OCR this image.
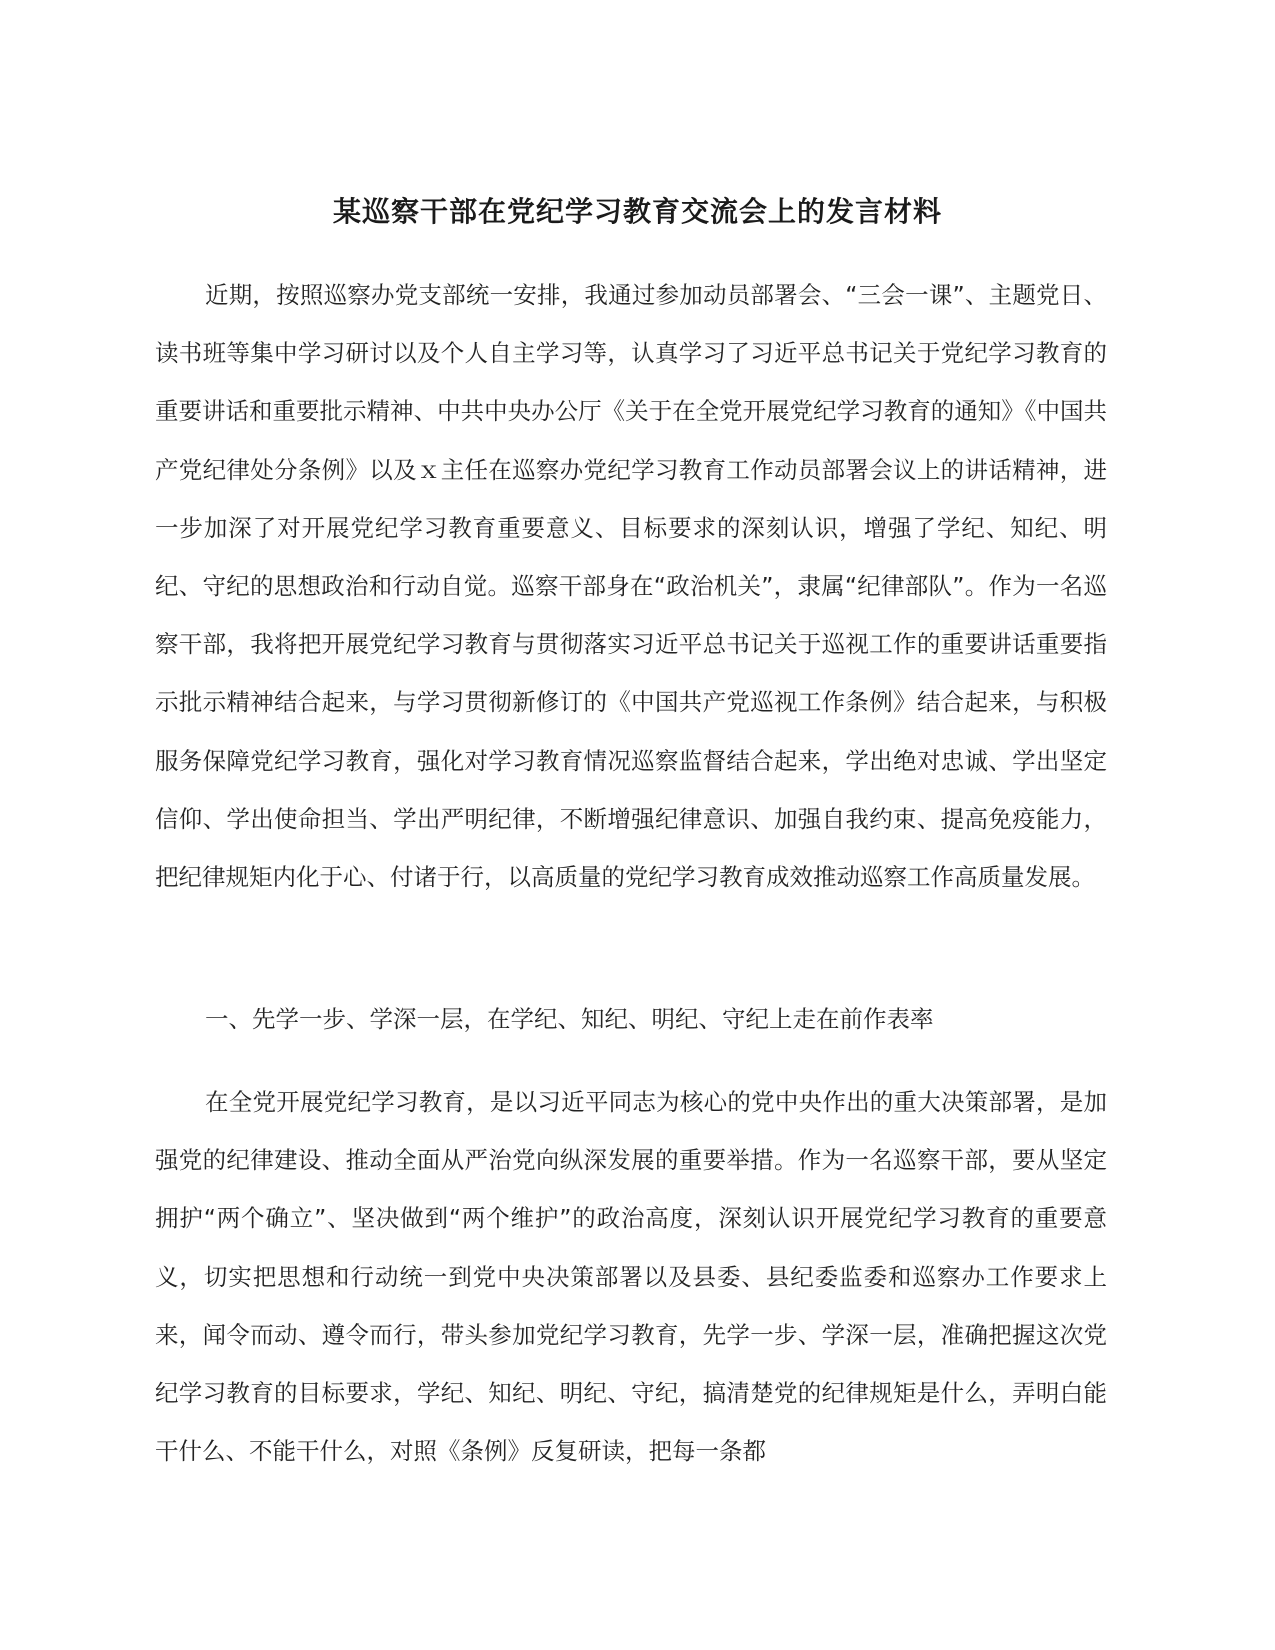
某巡察干部在党纪学习教育交流会上的发言材料

近期，按照巡察办党支部统一安排，我通过参加动员部署会、“三会一课”、主题党日、读书班等集中学习研讨以及个人自主学习等，认真学习了习近平总书记关于党纪学习教育的重要讲话和重要批示精神、中共中央办公厅《关于在全党开展党纪学习教育的通知》《中国共产党纪律处分条例》以及ｘ主任在巡察办党纪学习教育工作动员部署会议上的讲话精神，进一步加深了对开展党纪学习教育重要意义、目标要求的深刻认识，增强了学纪、知纪、明纪、守纪的思想政治和行动自觉。巡察干部身在“政治机关”，隶属“纪律部队”。作为一名巡察干部，我将把开展党纪学习教育与贯彻落实习近平总书记关于巡视工作的重要讲话重要指示批示精神结合起来，与学习贯彻新修订的《中国共产党巡视工作条例》结合起来，与积极服务保障党纪学习教育，强化对学习教育情况巡察监督结合起来，学出绝对忠诚、学出坚定信仰、学出使命担当、学出严明纪律，不断增强纪律意识、加强自我约束、提高免疫能力，把纪律规矩内化于心、付诸于行，以高质量的党纪学习教育成效推动巡察工作高质量发展。

一、先学一步、学深一层，在学纪、知纪、明纪、守纪上走在前作表率

在全党开展党纪学习教育，是以习近平同志为核心的党中央作出的重大决策部署，是加强党的纪律建设、推动全面从严治党向纵深发展的重要举措。作为一名巡察干部，要从坚定拥护“两个确立”、坚决做到“两个维护”的政治高度，深刻认识开展党纪学习教育的重要意义，切实把思想和行动统一到党中央决策部署以及县委、县纪委监委和巡察办工作要求上来，闻令而动、遵令而行，带头参加党纪学习教育，先学一步、学深一层，准确把握这次党纪学习教育的目标要求，学纪、知纪、明纪、守纪，搞清楚党的纪律规矩是什么，弄明白能干什么、不能干什么，对照《条例》反复研读，把每一条都
